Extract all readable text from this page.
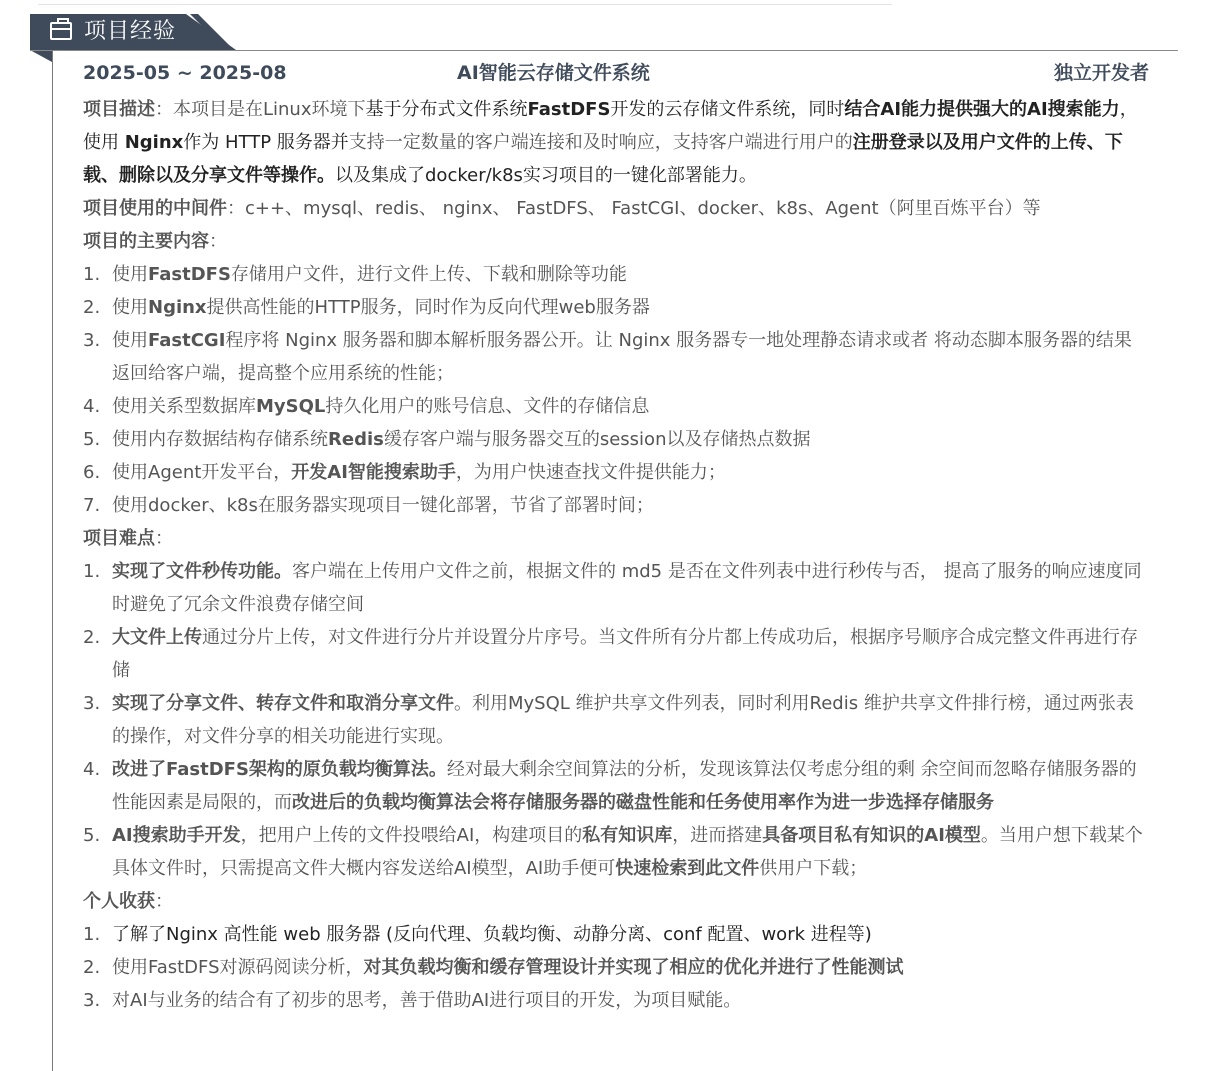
项目经验
2025-05 ~ 2025-08	AI智能云存储文件系统	独立开发者

项目描述：本项目是在Linux环境下基于分布式文件系统FastDFS开发的云存储文件系统，同时结合AI能力提供强大的AI搜索能力，使用 Nginx作为 HTTP 服务器并支持一定数量的客户端连接和及时响应，支持客户端进行用户的注册登录以及用户文件的上传、下载、删除以及分享文件等操作。以及集成了docker/k8s实习项目的一键化部署能力。

项目使用的中间件：c++、mysql、redis、 nginx、 FastDFS、 FastCGI、docker、k8s、Agent（阿里百炼平台）等

项目的主要内容：

1. 使用FastDFS存储用户文件，进行文件上传、下载和删除等功能
2. 使用Nginx提供高性能的HTTP服务，同时作为反向代理web服务器
3. 使用FastCGI程序将 Nginx 服务器和脚本解析服务器公开。让 Nginx 服务器专一地处理静态请求或者 将动态脚本服务器的结果返回给客户端，提高整个应用系统的性能；
4. 使用关系型数据库MySQL持久化用户的账号信息、文件的存储信息
5. 使用内存数据结构存储系统Redis缓存客户端与服务器交互的session以及存储热点数据
6. 使用Agent开发平台，开发AI智能搜索助手，为用户快速查找文件提供能力；
7. 使用docker、k8s在服务器实现项目一键化部署，节省了部署时间；

项目难点：

1. 实现了文件秒传功能。客户端在上传用户文件之前，根据文件的 md5 是否在文件列表中进行秒传与否， 提高了服务的响应速度同时避免了冗余文件浪费存储空间
2. 大文件上传通过分片上传，对文件进行分片并设置分片序号。当文件所有分片都上传成功后，根据序号顺序合成完整文件再进行存储
3. 实现了分享文件、转存文件和取消分享文件。利用MySQL 维护共享文件列表，同时利用Redis 维护共享文件排行榜，通过两张表的操作，对文件分享的相关功能进行实现。
4. 改进了FastDFS架构的原负载均衡算法。经对最大剩余空间算法的分析，发现该算法仅考虑分组的剩 余空间而忽略存储服务器的性能因素是局限的，而改进后的负载均衡算法会将存储服务器的磁盘性能和任务使用率作为进一步选择存储服务
5. AI搜索助手开发，把用户上传的文件投喂给AI，构建项目的私有知识库，进而搭建具备项目私有知识的AI模型。当用户想下载某个具体文件时，只需提高文件大概内容发送给AI模型，AI助手便可快速检索到此文件供用户下载；

个人收获：

1. 了解了Nginx 高性能 web 服务器 (反向代理、负载均衡、动静分离、conf 配置、work 进程等)
2. 使用FastDFS对源码阅读分析，对其负载均衡和缓存管理设计并实现了相应的优化并进行了性能测试
3. 对AI与业务的结合有了初步的思考，善于借助AI进行项目的开发，为项目赋能。
